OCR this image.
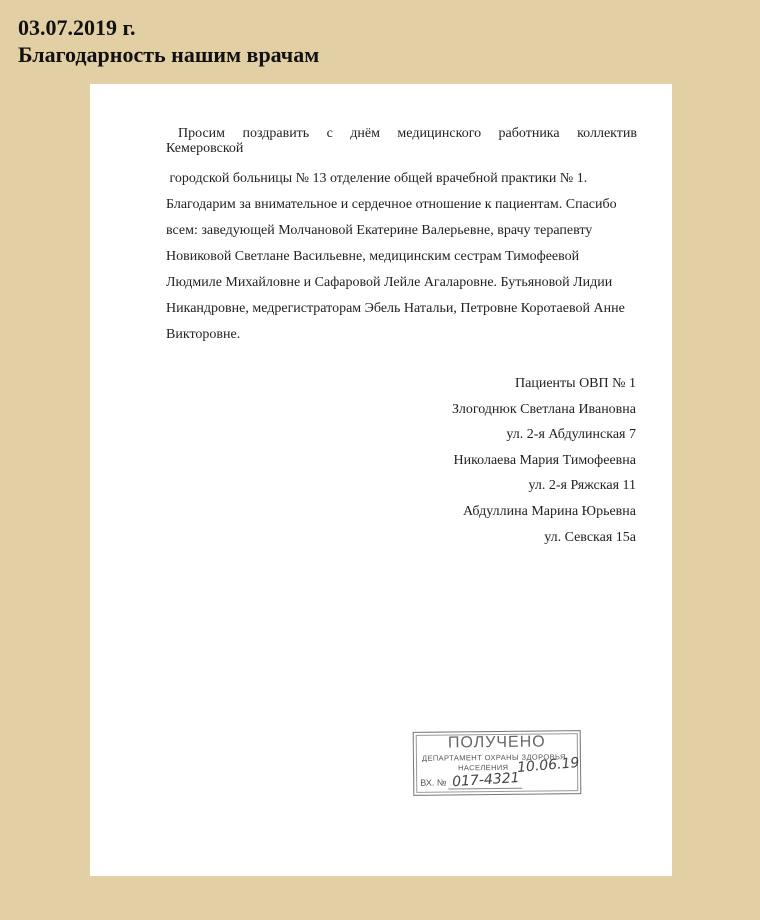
03.07.2019 г.
Благодарность нашим врачам

Просим поздравить с днём медицинского работника коллектив

Кемеровской

городской больницы № 13 отделение общей врачебной практики № 1.
Благодарим за внимательное и сердечное отношение к пациентам. Спасибо
всем: заведующей Молчановой Екатерине Валерьевне, врачу терапевту
Новиковой Светлане Васильевне, медицинским сестрам Тимофеевой
Людмиле Михайловне и Сафаровой Лейле Агаларовне. Бутьяновой Лидии
Никандровне, медрегистраторам Эбель Натальи, Петровне Коротаевой Анне
Викторовне.
Пациенты ОВП № 1
Злогоднюк Светлана Ивановна
ул. 2-я Абдулинская 7
Николаева Мария Тимофеевна
ул. 2-я Ряжская 11
Абдуллина Марина Юрьевна
ул. Севская 15а
ПОЛУЧЕНО
ДЕПАРТАМЕНТ ОХРАНЫ ЗДОРОВЬЯ
НАСЕЛЕНИЯ 10.06.19
ВХ. № 017-4321
